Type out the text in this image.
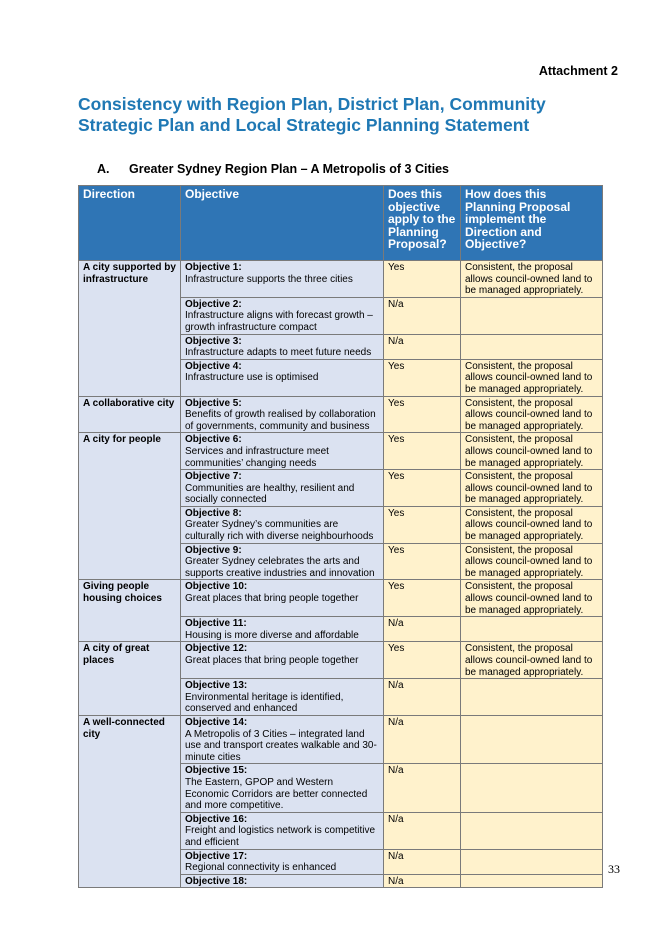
Attachment 2
Consistency with Region Plan, District Plan, Community Strategic Plan and Local Strategic Planning Statement
A. Greater Sydney Region Plan – A Metropolis of 3 Cities
Direction	Objective	Does this objective apply to the Planning Proposal?	How does this Planning Proposal implement the Direction and Objective?
A city supported by infrastructure	Objective 1:
Infrastructure supports the three cities	Yes	Consistent, the proposal allows council-owned land to be managed appropriately.

	Objective 2:
Infrastructure aligns with forecast growth – growth infrastructure compact	N/a	

	Objective 3:
Infrastructure adapts to meet future needs	N/a	

	Objective 4:
Infrastructure use is optimised	Yes	Consistent, the proposal allows council-owned land to be managed appropriately.
A collaborative city	Objective 5:
Benefits of growth realised by collaboration of governments, community and business	Yes	Consistent, the proposal allows council-owned land to be managed appropriately.
A city for people	Objective 6:
Services and infrastructure meet communities’ changing needs	Yes	Consistent, the proposal allows council-owned land to be managed appropriately.

	Objective 7:
Communities are healthy, resilient and socially connected	Yes	Consistent, the proposal allows council-owned land to be managed appropriately.

	Objective 8:
Greater Sydney’s communities are culturally rich with diverse neighbourhoods	Yes	Consistent, the proposal allows council-owned land to be managed appropriately.

	Objective 9:
Greater Sydney celebrates the arts and supports creative industries and innovation	Yes	Consistent, the proposal allows council-owned land to be managed appropriately.
Giving people housing choices	Objective 10:
Great places that bring people together	Yes	Consistent, the proposal allows council-owned land to be managed appropriately.

	Objective 11:
Housing is more diverse and affordable	N/a	
A city of great places	Objective 12:
Great places that bring people together	Yes	Consistent, the proposal allows council-owned land to be managed appropriately.

	Objective 13:
Environmental heritage is identified, conserved and enhanced	N/a	
A well-connected city	Objective 14:
A Metropolis of 3 Cities – integrated land use and transport creates walkable and 30-minute cities	N/a	

	Objective 15:
The Eastern, GPOP and Western Economic Corridors are better connected and more competitive.	N/a	

	Objective 16:
Freight and logistics network is competitive and efficient	N/a	

	Objective 17:
Regional connectivity is enhanced	N/a	

	Objective 18:	N/a	
33
